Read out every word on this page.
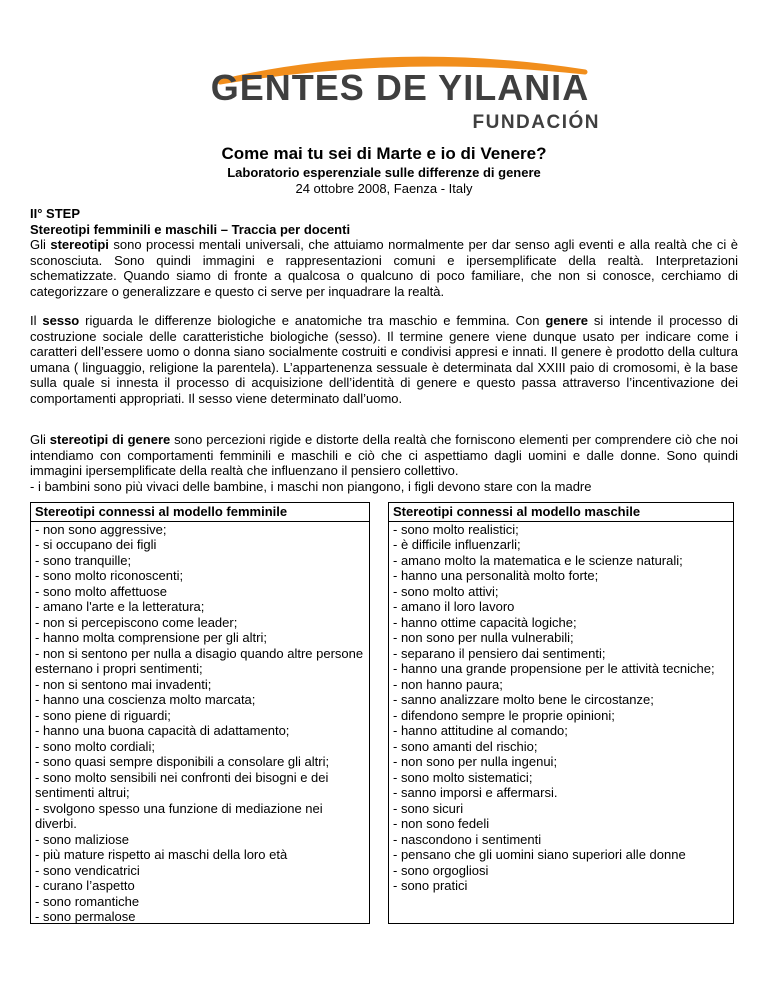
GENTES DE YILANIA
FUNDACIÓN
Come mai tu sei di Marte e io di Venere?
Laboratorio esperenziale sulle differenze di genere
24 ottobre 2008, Faenza - Italy

II° STEP

Stereotipi femminili e maschili – Traccia per docenti

Gli stereotipi sono processi mentali universali, che attuiamo normalmente per dar senso agli eventi e alla realtà che ci è sconosciuta. Sono quindi immagini e rappresentazioni comuni e ipersemplificate della realtà. Interpretazioni schematizzate. Quando siamo di fronte a qualcosa o qualcuno di poco familiare, che non si conosce, cerchiamo di categorizzare o generalizzare e questo ci serve per inquadrare la realtà.

Il sesso riguarda le differenze biologiche e anatomiche tra maschio e femmina. Con genere si intende il processo di costruzione sociale delle caratteristiche biologiche (sesso). Il termine genere viene dunque usato per indicare come i caratteri dell’essere uomo o donna siano socialmente costruiti e condivisi appresi e innati. Il genere è prodotto della cultura umana ( linguaggio, religione la parentela). L’appartenenza sessuale è determinata dal XXIII paio di cromosomi, è la base sulla quale si innesta il processo di acquisizione dell’identità di genere e questo passa attraverso l’incentivazione dei comportamenti appropriati. Il sesso viene determinato dall’uomo.

Gli stereotipi di genere sono percezioni rigide e distorte della realtà che forniscono elementi per comprendere ciò che noi intendiamo con comportamenti femminili e maschili e ciò che ci aspettiamo dagli uomini e dalle donne. Sono quindi immagini ipersemplificate della realtà che influenzano il pensiero collettivo.

- i bambini sono più vivaci delle bambine, i maschi non piangono, i figli devono stare con la madre

Stereotipi connessi al modello femminile
- non sono aggressive;
- si occupano dei figli
- sono tranquille;
- sono molto riconoscenti;
- sono molto affettuose
- amano l'arte e la letteratura;
- non si percepiscono come leader;
- hanno molta comprensione per gli altri;
- non si sentono per nulla a disagio quando altre persone esternano i propri sentimenti;
- non si sentono mai invadenti;
- hanno una coscienza molto marcata;
- sono piene di riguardi;
- hanno una buona capacità di adattamento;
- sono molto cordiali;
- sono quasi sempre disponibili a consolare gli altri;
- sono molto sensibili nei confronti dei bisogni e dei sentimenti altrui;
- svolgono spesso una funzione di mediazione nei diverbi.
- sono maliziose
- più mature rispetto ai maschi della loro età
- sono vendicatrici
- curano l’aspetto
- sono romantiche
- sono permalose
Stereotipi connessi al modello maschile
- sono molto realistici;
- è difficile influenzarli;
- amano molto la matematica e le scienze naturali;
- hanno una personalità molto forte;
- sono molto attivi;
- amano il loro lavoro
- hanno ottime capacità logiche;
- non sono per nulla vulnerabili;
- separano il pensiero dai sentimenti;
- hanno una grande propensione per le attività tecniche;
- non hanno paura;
- sanno analizzare molto bene le circostanze;
- difendono sempre le proprie opinioni;
- hanno attitudine al comando;
- sono amanti del rischio;
- non sono per nulla ingenui;
- sono molto sistematici;
- sanno imporsi e affermarsi.
- sono sicuri
- non sono fedeli
- nascondono i sentimenti
- pensano che gli uomini siano superiori alle donne
- sono orgogliosi
- sono pratici
